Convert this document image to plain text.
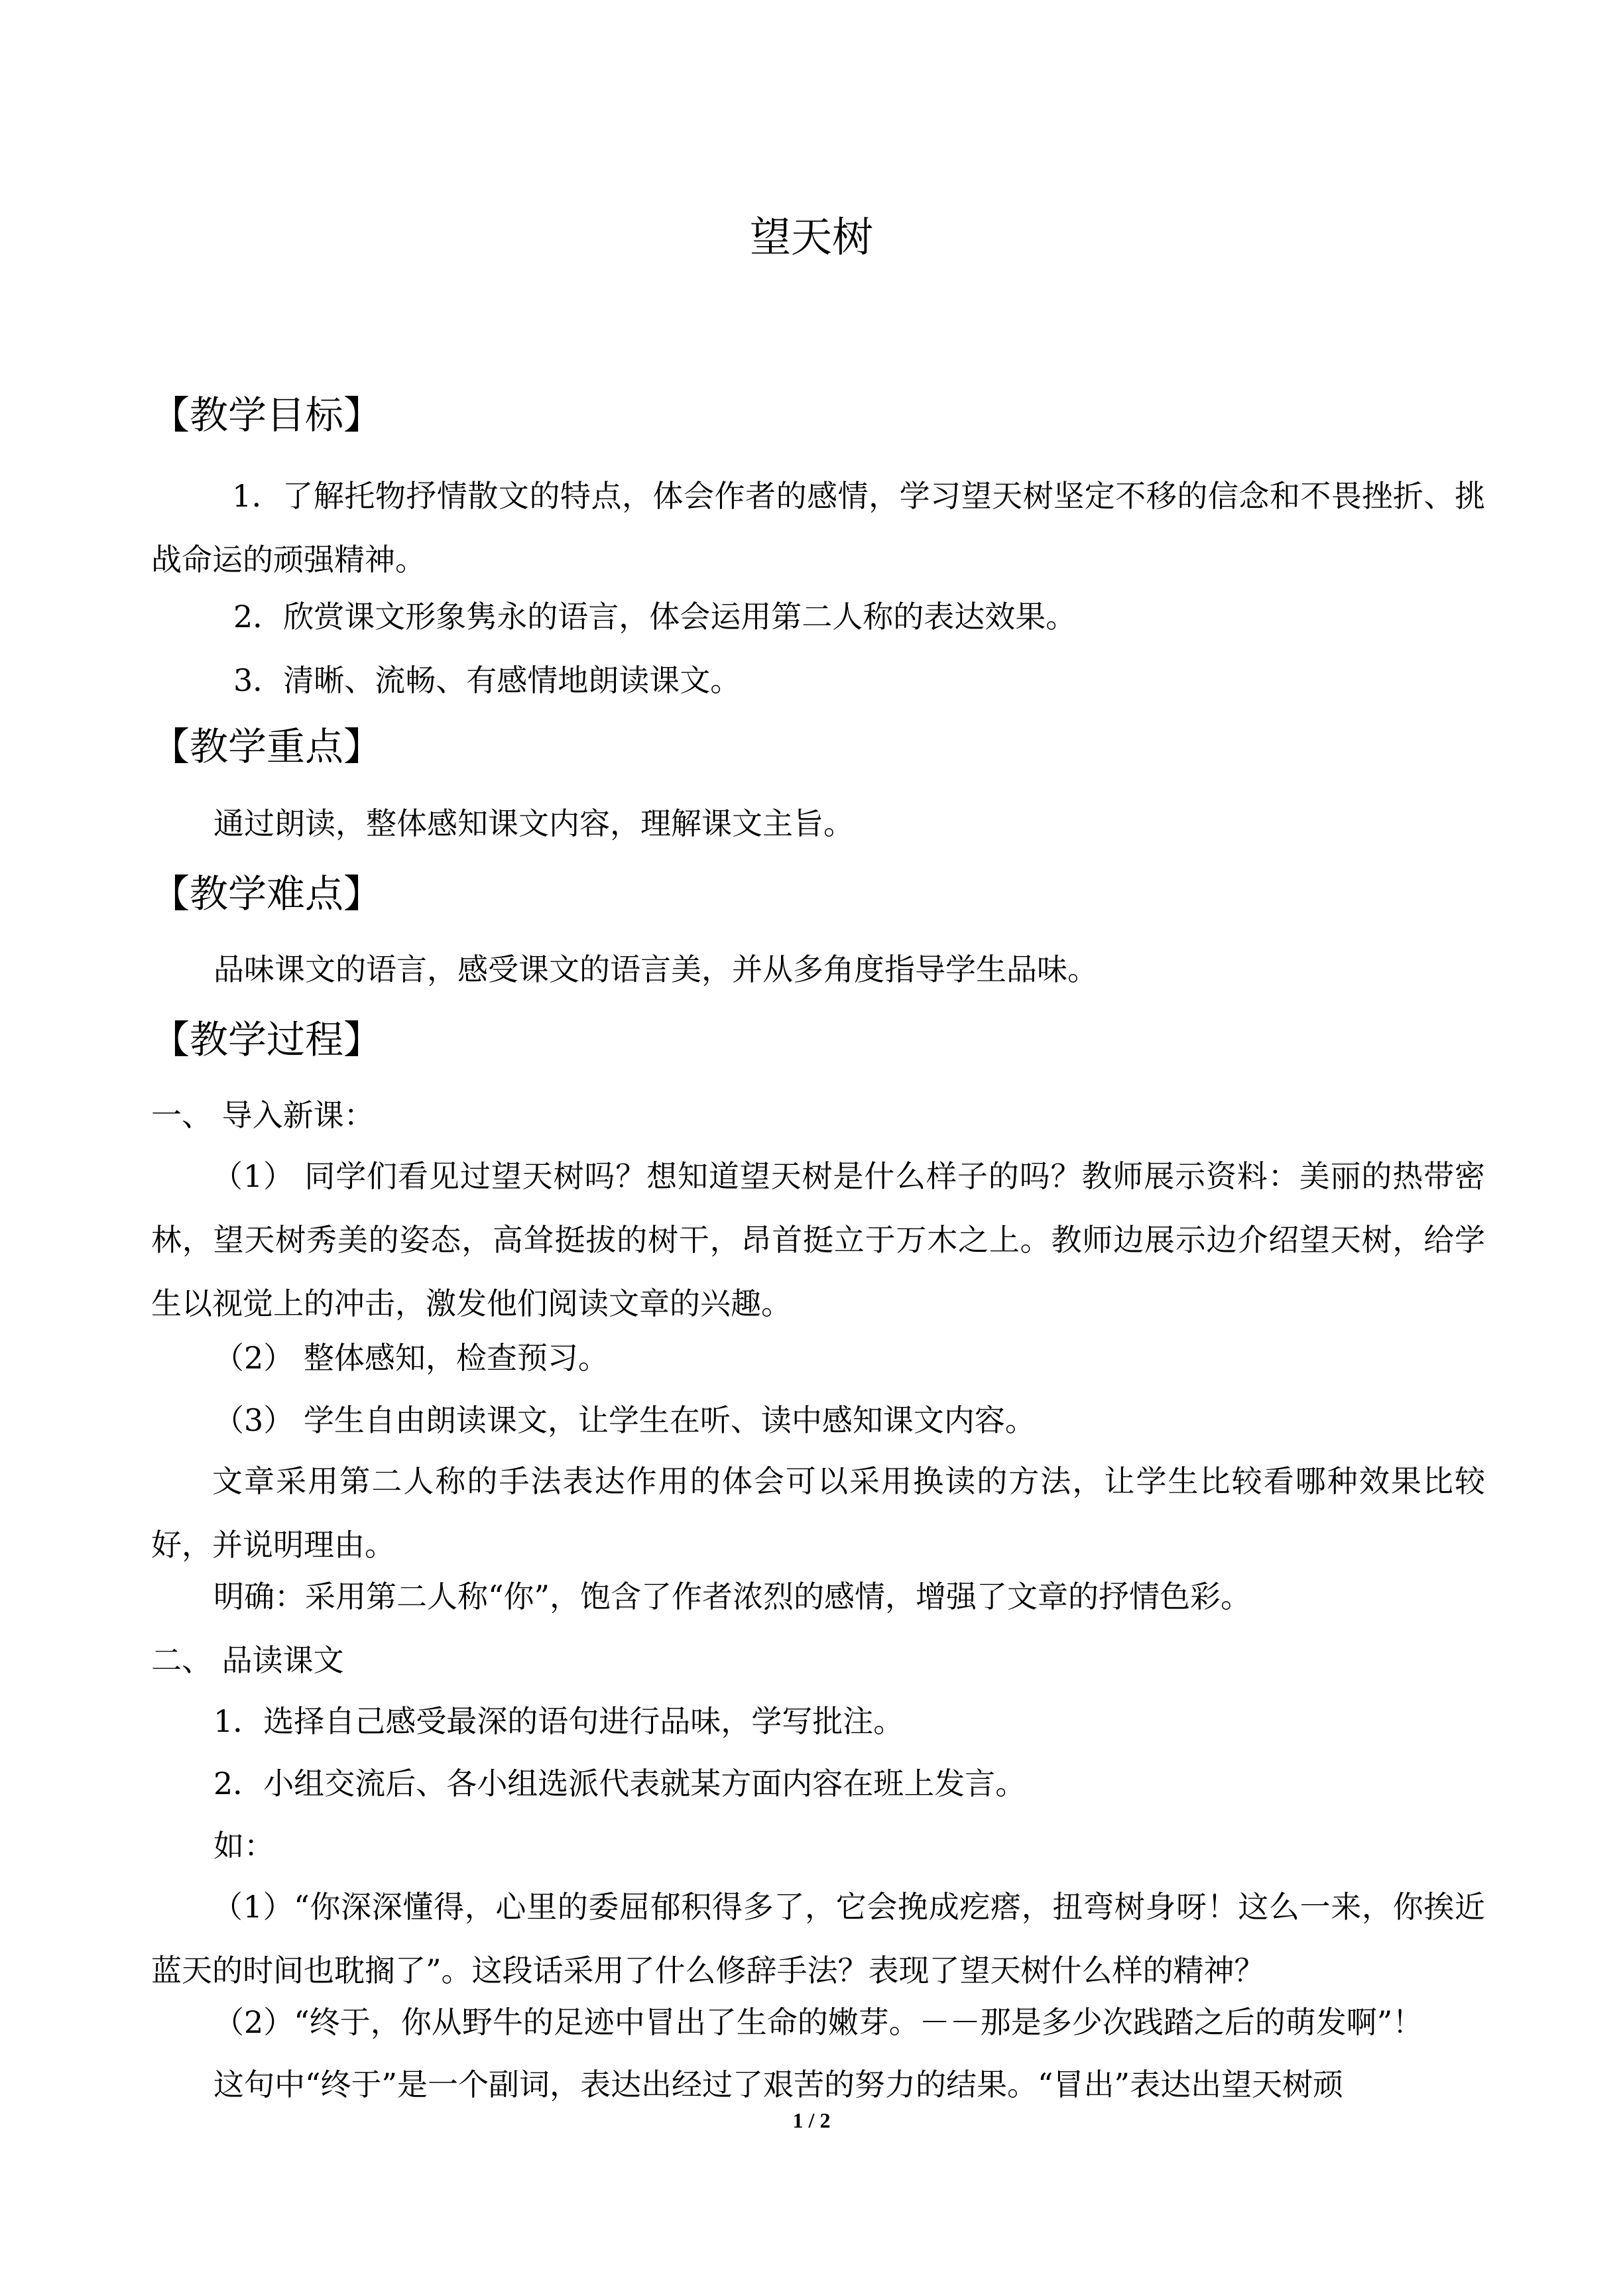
望天树
【教学目标】

1．了解托物抒情散文的特点，体会作者的感情，学习望天树坚定不移的信念和不畏挫折、挑战命运的顽强精神。

2．欣赏课文形象隽永的语言，体会运用第二人称的表达效果。
3．清晰、流畅、有感情地朗读课文。
【教学重点】
通过朗读，整体感知课文内容，理解课文主旨。
【教学难点】
品味课文的语言，感受课文的语言美，并从多角度指导学生品味。
【教学过程】
一、 导入新课：

（1） 同学们看见过望天树吗？想知道望天树是什么样子的吗？教师展示资料：美丽的热带密林，望天树秀美的姿态，高耸挺拔的树干，昂首挺立于万木之上。教师边展示边介绍望天树，给学生以视觉上的冲击，激发他们阅读文章的兴趣。

（2） 整体感知，检查预习。
（3） 学生自由朗读课文，让学生在听、读中感知课文内容。

文章采用第二人称的手法表达作用的体会可以采用换读的方法，让学生比较看哪种效果比较好，并说明理由。

明确：采用第二人称“你”，饱含了作者浓烈的感情，增强了文章的抒情色彩。
二、 品读课文
1．选择自己感受最深的语句进行品味，学写批注。
2．小组交流后、各小组选派代表就某方面内容在班上发言。
如：

（1）“你深深懂得，心里的委屈郁积得多了，它会挽成疙瘩，扭弯树身呀！这么一来，你挨近蓝天的时间也耽搁了”。这段话采用了什么修辞手法？表现了望天树什么样的精神？

（2）“终于，你从野牛的足迹中冒出了生命的嫩芽。－－那是多少次践踏之后的萌发啊”！
这句中“终于”是一个副词，表达出经过了艰苦的努力的结果。“冒出”表达出望天树顽
1 / 2
